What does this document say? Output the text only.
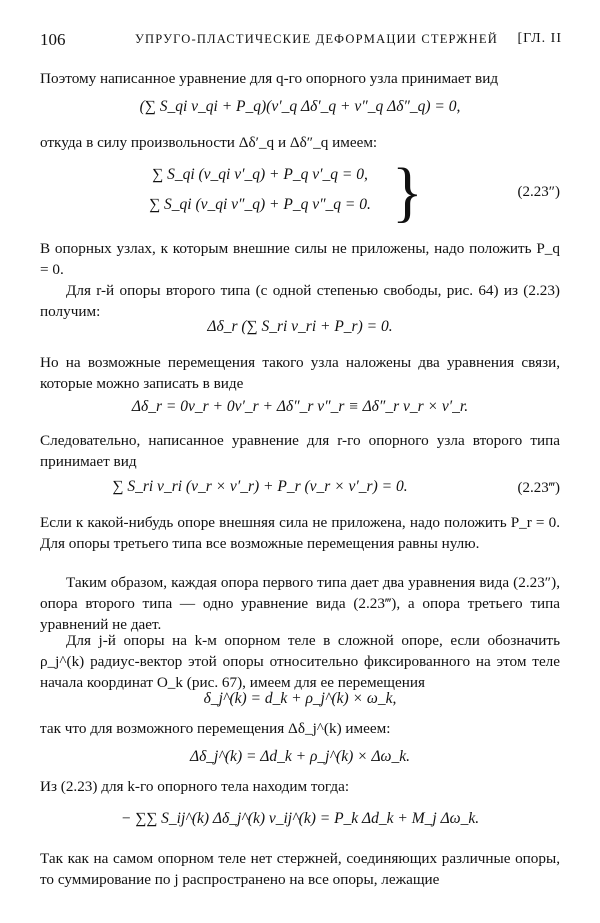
106	УПРУГО-ПЛАСТИЧЕСКИЕ ДЕФОРМАЦИИ СТЕРЖНЕЙ [ГЛ. II
Поэтому написанное уравнение для q-го опорного узла принимает вид
(∑ S_qi ν_qi + P_q)(ν′_q Δδ′_q + ν″_q Δδ″_q) = 0,
откуда в силу произвольности Δδ′_q и Δδ″_q имеем:
∑ S_qi (ν_qi ν′_q) + P_q ν′_q = 0,
∑ S_qi (ν_qi ν″_q) + P_q ν″_q = 0. }	(2.23″)
В опорных узлах, к которым внешние силы не приложены, надо положить P_q = 0.
Для r-й опоры второго типа (с одной степенью свободы, рис. 64) из (2.23) получим:
Δδ_r (∑ S_ri ν_ri + P_r) = 0.
Но на возможные перемещения такого узла наложены два уравнения связи, которые можно записать в виде
Δδ_r = 0ν_r + 0ν′_r + Δδ″_r ν″_r ≡ Δδ″_r ν_r × ν′_r.
Следовательно, написанное уравнение для r-го опорного узла второго типа принимает вид
∑ S_ri ν_ri (ν_r × ν′_r) + P_r (ν_r × ν′_r) = 0.	(2.23‴)
Если к какой-нибудь опоре внешняя сила не приложена, надо положить P_r = 0. Для опоры третьего типа все возможные перемещения равны нулю.
Таким образом, каждая опора первого типа дает два уравнения вида (2.23″), опора второго типа — одно уравнение вида (2.23‴), а опора третьего типа уравнений не дает.
Для j-й опоры на k-м опорном теле в сложной опоре, если обозначить ρ_j^(k) радиус-вектор этой опоры относительно фиксированного на этом теле начала координат O_k (рис. 67), имеем для ее перемещения
δ_j^(k) = d_k + ρ_j^(k) × ω_k,
так что для возможного перемещения Δδ_j^(k) имеем:
Δδ_j^(k) = Δd_k + ρ_j^(k) × Δω_k.
Из (2.23) для k-го опорного тела находим тогда:
− ∑∑ S_ij^(k) Δδ_j^(k) ν_ij^(k) = P_k Δd_k + M_j Δω_k.
Так как на самом опорном теле нет стержней, соединяющих различные опоры, то суммирование по j распространено на все опоры, лежащие
